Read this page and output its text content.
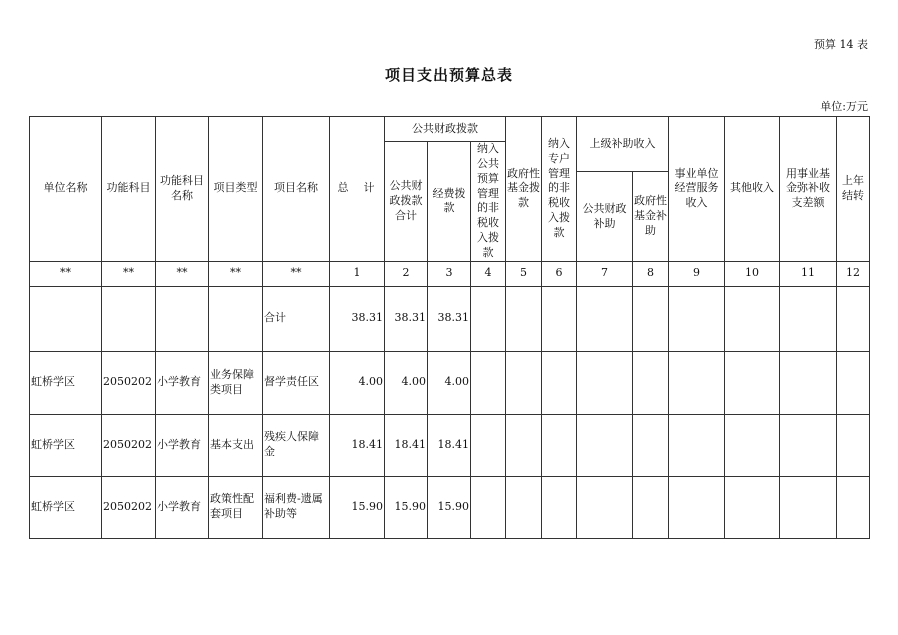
预算 14 表
项目支出预算总表
单位:万元
单位名称	功能科目	功能科目名称	项目类型	项目名称	总　计	公共财政拨款			政府性基金拨款	纳入专户管理的非税收入拨款	上级补助收入		事业单位经营服务收入	其他收入	用事业基金弥补收支差额	上年结转
						公共财政拨款合计	经费拨款	纳入公共预算管理的非税收入拨款								
											公共财政补助	政府性基金补助				
**	**	**	**	**	1	2	3	4	5	6	7	8	9	10	11	12
				合计	38.31	38.31	38.31									
虹桥学区	2050202	小学教育	业务保障类项目	督学责任区	4.00	4.00	4.00									
虹桥学区	2050202	小学教育	基本支出	残疾人保障金	18.41	18.41	18.41									
虹桥学区	2050202	小学教育	政策性配套项目	福利费-遗属补助等	15.90	15.90	15.90									
